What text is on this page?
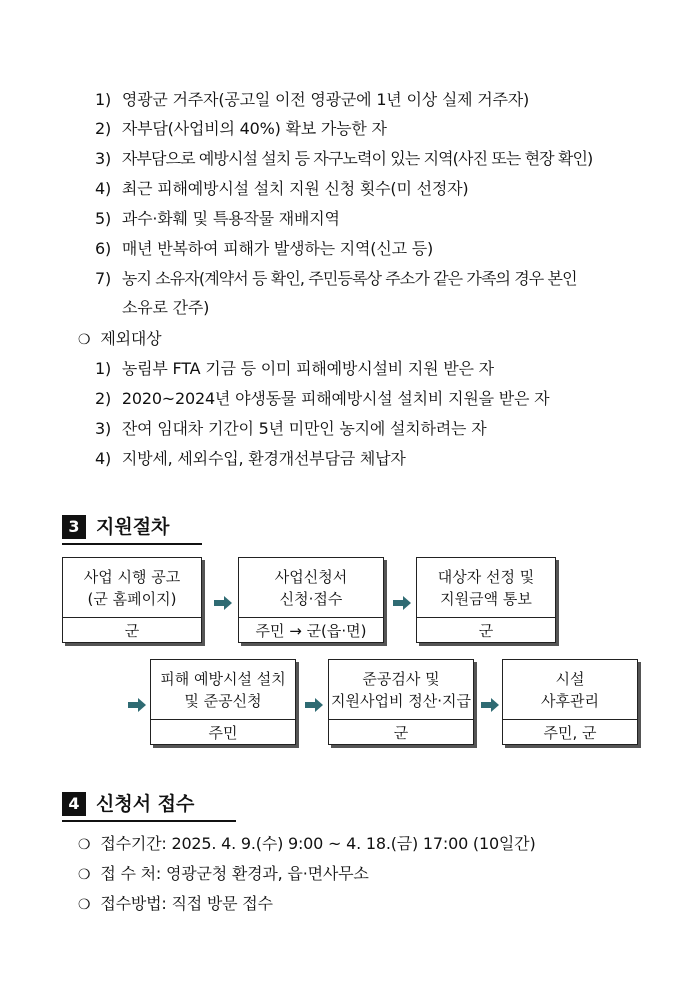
1) 영광군 거주자(공고일 이전 영광군에 1년 이상 실제 거주자)
2) 자부담(사업비의 40%) 확보 가능한 자
3) 자부담으로 예방시설 설치 등 자구노력이 있는 지역(사진 또는 현장 확인)
4) 최근 피해예방시설 설치 지원 신청 횟수(미 선정자)
5) 과수·화훼 및 특용작물 재배지역
6) 매년 반복하여 피해가 발생하는 지역(신고 등)
7) 농지 소유자(계약서 등 확인, 주민등록상 주소가 같은 가족의 경우 본인
소유로 간주)
❍ 제외대상
1) 농림부 FTA 기금 등 이미 피해예방시설비 지원 받은 자
2) 2020~2024년 야생동물 피해예방시설 설치비 지원을 받은 자
3) 잔여 임대차 기간이 5년 미만인 농지에 설치하려는 자
4) 지방세, 세외수입, 환경개선부담금 체납자
3 지원절차
사업 시행 공고
(군 홈페이지)
군
사업신청서
신청·접수
주민 → 군(읍·면)
대상자 선정 및
지원금액 통보
군
피해 예방시설 설치
및 준공신청
주민
준공검사 및
지원사업비 정산·지급
군
시설
사후관리
주민, 군
4 신청서 접수
❍ 접수기간: 2025. 4. 9.(수) 9:00 ~ 4. 18.(금) 17:00 (10일간)
❍ 접 수 처: 영광군청 환경과, 읍·면사무소
❍ 접수방법: 직접 방문 접수
